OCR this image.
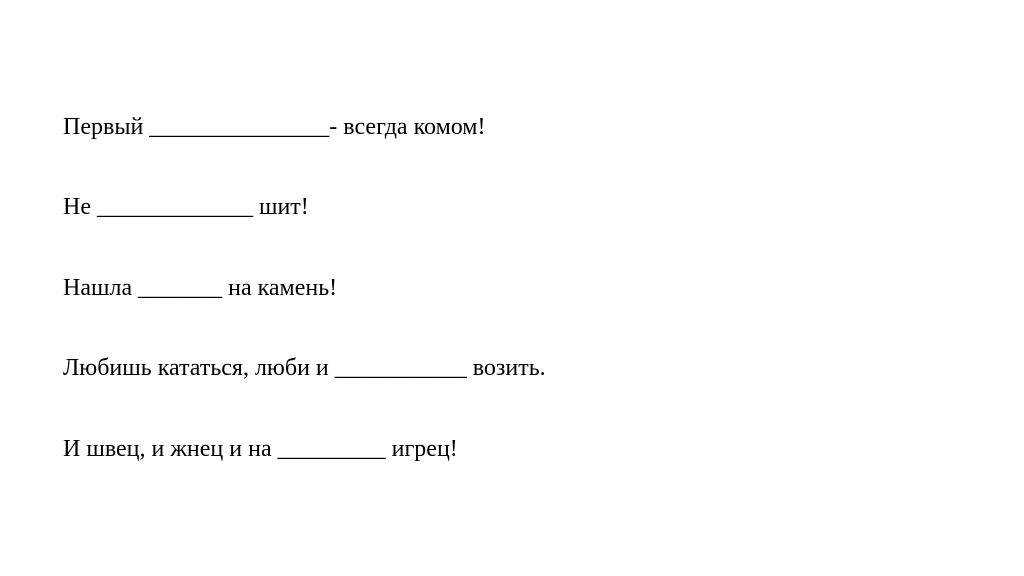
Первый _______________- всегда комом!
Не _____________ шит!
Нашла _______ на камень!
Любишь кататься, люби и ___________ возить.
И швец, и жнец и на _________ игрец!
